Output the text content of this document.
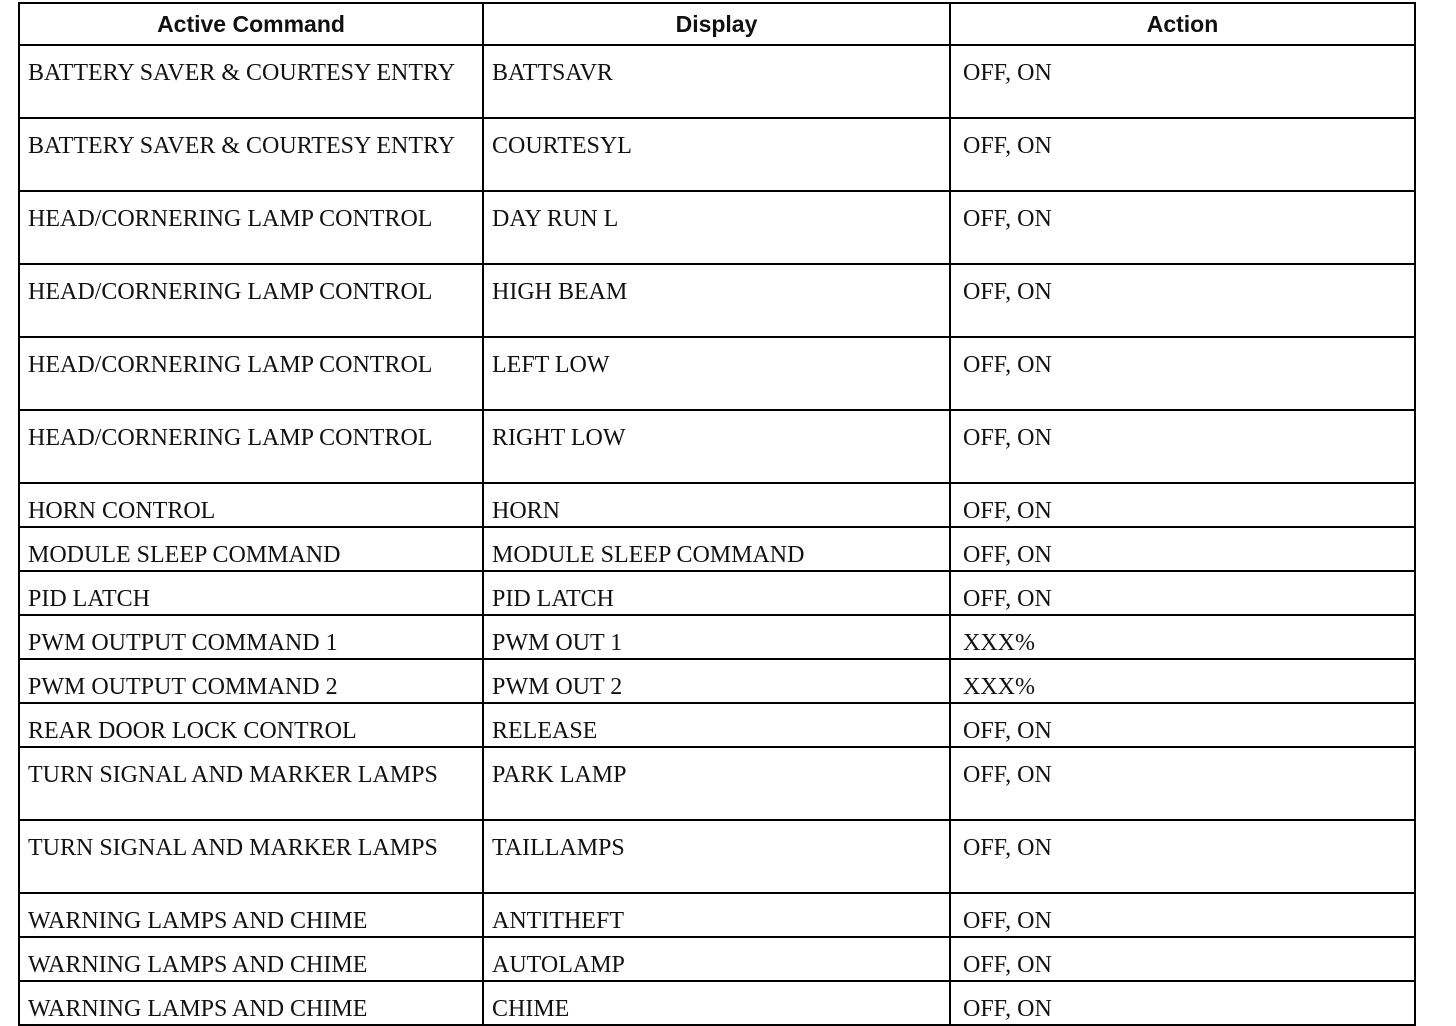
Active Command	Display	Action
BATTERY SAVER & COURTESY ENTRY	BATTSAVR	OFF, ON
BATTERY SAVER & COURTESY ENTRY	COURTESYL	OFF, ON
HEAD/CORNERING LAMP CONTROL	DAY RUN L	OFF, ON
HEAD/CORNERING LAMP CONTROL	HIGH BEAM	OFF, ON
HEAD/CORNERING LAMP CONTROL	LEFT LOW	OFF, ON
HEAD/CORNERING LAMP CONTROL	RIGHT LOW	OFF, ON
HORN CONTROL	HORN	OFF, ON
MODULE SLEEP COMMAND	MODULE SLEEP COMMAND	OFF, ON
PID LATCH	PID LATCH	OFF, ON
PWM OUTPUT COMMAND 1	PWM OUT 1	XXX%
PWM OUTPUT COMMAND 2	PWM OUT 2	XXX%
REAR DOOR LOCK CONTROL	RELEASE	OFF, ON
TURN SIGNAL AND MARKER LAMPS	PARK LAMP	OFF, ON
TURN SIGNAL AND MARKER LAMPS	TAILLAMPS	OFF, ON
WARNING LAMPS AND CHIME	ANTITHEFT	OFF, ON
WARNING LAMPS AND CHIME	AUTOLAMP	OFF, ON
WARNING LAMPS AND CHIME	CHIME	OFF, ON
